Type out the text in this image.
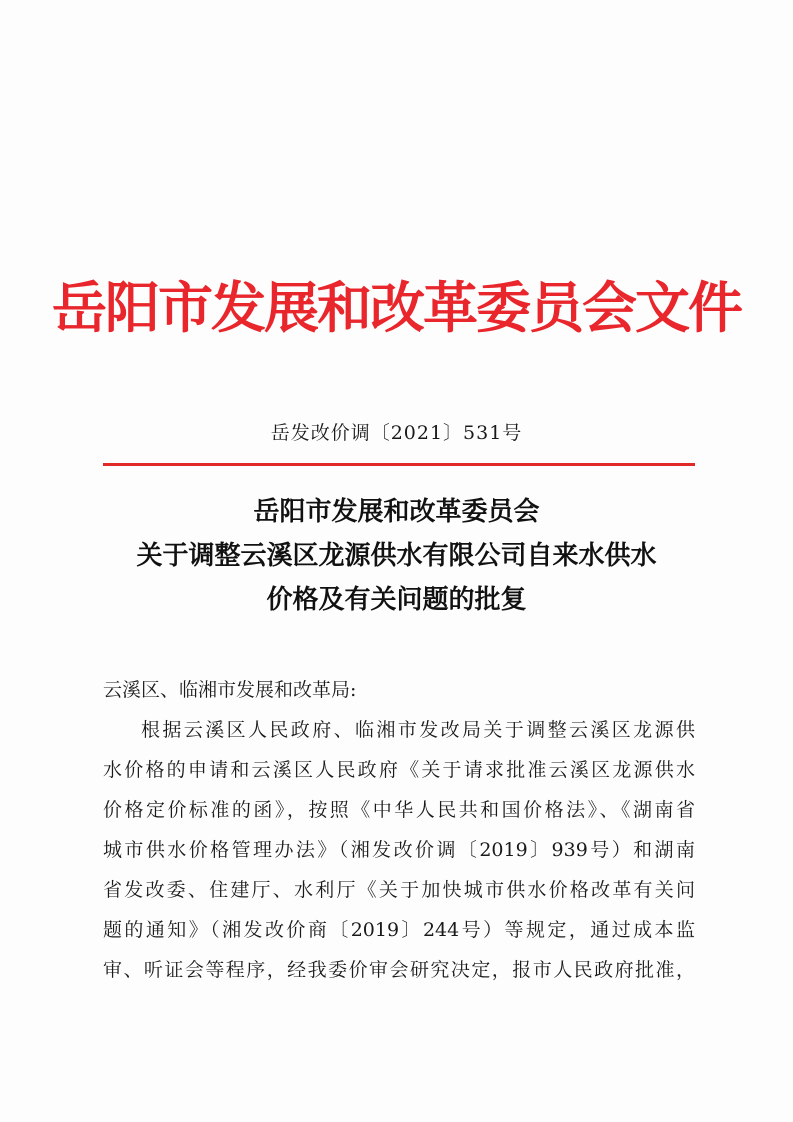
岳阳市发展和改革委员会文件
岳发改价调〔2021〕531号
岳阳市发展和改革委员会
关于调整云溪区龙源供水有限公司自来水供水
价格及有关问题的批复
云溪区、临湘市发展和改革局:
根据云溪区人民政府、临湘市发改局关于调整云溪区龙源供
水价格的申请和云溪区人民政府《关于请求批准云溪区龙源供水
价格定价标准的函》，按照《中华人民共和国价格法》、《湖南省
城市供水价格管理办法》（湘发改价调〔2019〕939号）和湖南
省发改委、住建厅、水利厅《关于加快城市供水价格改革有关问
题的通知》（湘发改价商〔2019〕244号）等规定，通过成本监
审、听证会等程序，经我委价审会研究决定，报市人民政府批准，
